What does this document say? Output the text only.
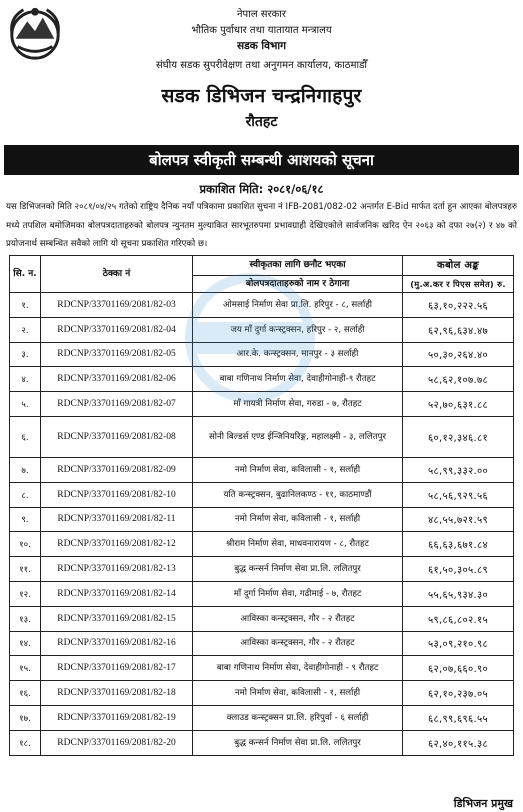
नेपाल सरकार
भौतिक पुर्वाधार तथा यातायात मन्त्रालय
सडक विभाग
संघीय सडक सुपरीवेक्षण तथा अनुगमन कार्यालय, काठमाडौँ
सडक डिभिजन चन्द्रनिगाहपुर
रौतहट
बोलपत्र स्वीकृती सम्बन्धी आशयको सूचना
प्रकाशित मिति: २०८१/०६/१८
यस डिभिजनको मिति २०८१/०४/२५ गतेको राष्ट्रिय दैनिक नयाँ पत्रिकामा प्रकाशित सुचना नं IFB-2081/082-02 अन्तर्गत E-Bid मार्फत दर्ता हुन आएका बोलपत्रहरु मध्ये तपशिल बमोजिमका बोलपत्रदाताहरुको बोलपत्र न्युनतम मुल्याकित सारभूतरुपमा प्रभावग्राही देखिएकोले सार्वजनिक खरिद ऐन २०६३ को दफा २७(२) र ४७ को प्रयोजनार्थ सम्बन्धित सवैको लागि यो सूचना प्रकाशित गरिएको छ।
सि. न.	ठेक्का नं	स्वीकृतका लागि छनौट भएका	कबोल अङ्क
		बोलपत्रदाताहरुको नाम र ठेगाना	(मु.अ.कर र पिएस समेत) रु.
१.	RDCNP/33701169/2081/82-03	ओमसाई निर्माण सेवा प्रा.लि. हरिपुर - ८, सर्लाही	६३,१०,२२२.५६
२.	RDCNP/33701169/2081/82-04	जय माँ दुर्गा कन्स्ट्रक्सन, हरिपुर - २, सर्लाही	६२,९६,६३४.४७
३.	RDCNP/33701169/2081/82-05	आर.के. कन्स्ट्रक्सन, मानपुर - ३ सर्लाही	५०,३०,२६४.४०
४.	RDCNP/33701169/2081/82-06	बाबा गणिनाथ निर्माण सेवा, देवाहीगोनाही-९ रौतहट	५८,६२,१०७.७८
५.	RDCNP/33701169/2081/82-07	माँ गायत्री निर्माण सेवा, गरुडा - ७, रौतहट	५२,७०,६३१.८८
६.	RDCNP/33701169/2081/82-08	सोनी बिल्डर्स एण्ड ईन्जिनियरिङ्ग, महालक्ष्मी - ३, ललितपुर	६०,१२,३४६.८१
७.	RDCNP/33701169/2081/82-09	नमो निर्माण सेवा, कविलासी - १, सर्लाही	५८,९९,३३२.००
८.	RDCNP/33701169/2081/82-10	यति कन्स्ट्रक्सन, बुढानिलकण्ठ - ११, काठमाण्डौं	५८,५६,९२९.५६
९.	RDCNP/33701169/2081/82-11	नमो निर्माण सेवा, कविलासी - १, सर्लाही	४८,५५,७२१.५९
१०.	RDCNP/33701169/2081/82-12	श्रीराम निर्माण सेवा, माधवनारायण - ८, रौतहट	६६,६३,६७१.८४
११.	RDCNP/33701169/2081/82-13	बुद्ध कन्सर्न निर्माण सेवा प्रा.लि. ललितपुर	६१,५०,३०५.८९
१२.	RDCNP/33701169/2081/82-14	माँ दुर्गा निर्माण सेवा, गढीमाई - ७, रौतहट	५५,६५,९३४.३०
१३.	RDCNP/33701169/2081/82-15	आविस्का कन्स्ट्रक्सन, गौर - २ रौतहट	५९,८६,८०२.१५
१४.	RDCNP/33701169/2081/82-16	आविस्का कन्स्ट्रक्सन, गौर - २ रौतहट	५३,०९,२१०.९८
१५.	RDCNP/33701169/2081/82-17	बाबा गणिनाथ निर्माण सेवा, देवाहीगोनाही - ९ रौतहट	६२,०७,६६०.९०
१६.	RDCNP/33701169/2081/82-18	नमो निर्माण सेवा, कविलासी - १, सर्लाही	६२,१०,२३७.०५
१७.	RDCNP/33701169/2081/82-19	क्लाउड कन्स्ट्रक्सन प्रा.लि. हरिपुर्वा - ६ सर्लाही	६८,९९,६९६.५५
१८.	RDCNP/33701169/2081/82-20	बुद्ध कन्सर्न निर्माण सेवा प्रा.लि. ललितपुर	६२,४०,११५.३८
डिभिजन प्रमुख
